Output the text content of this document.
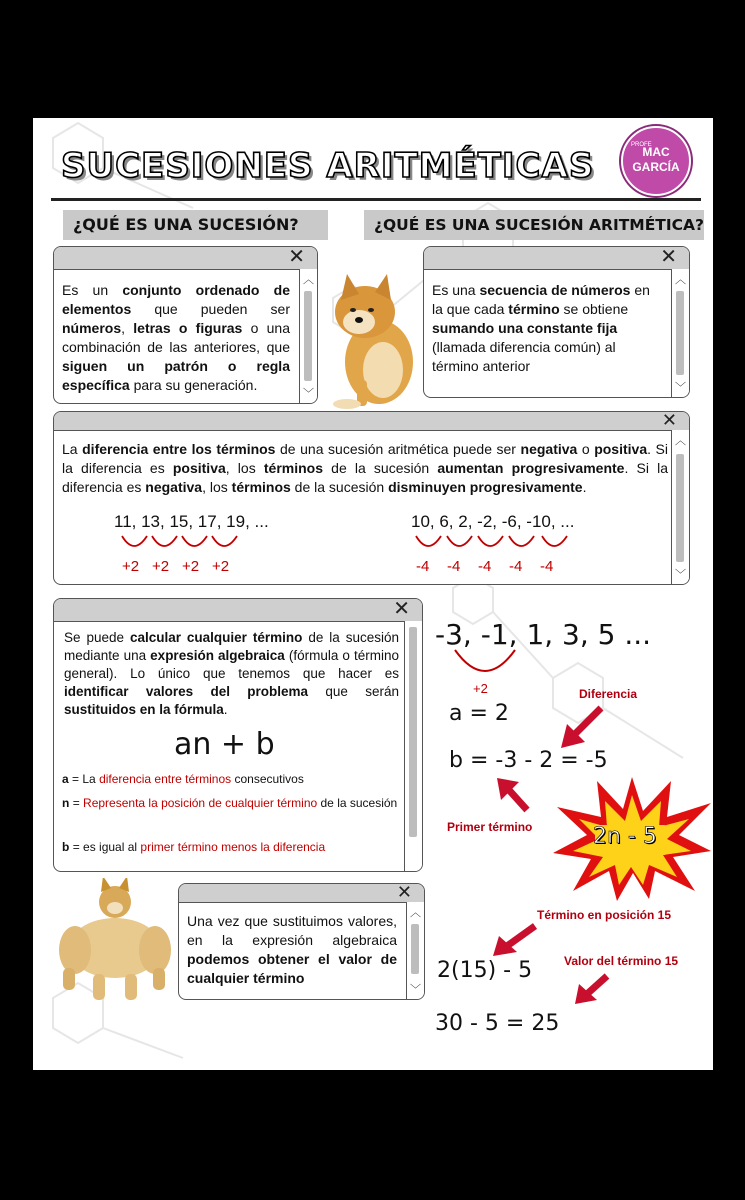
SUCESIONES ARITMÉTICAS
PROFE
MAC
GARCÍA
¿QUÉ ES UNA SUCESIÓN?	¿QUÉ ES UNA SUCESIÓN ARITMÉTICA?
✕
︿
﹀
Es un conjunto ordenado de elementos que pueden ser números, letras o figuras o una combinación de las anteriores, que siguen un patrón o regla específica para su generación.
✕
︿
﹀
Es una secuencia de números en la que cada término se obtiene sumando una constante fija (llamada diferencia común) al término anterior
✕
︿
﹀
La diferencia entre los términos de una sucesión aritmética puede ser negativa o positiva. Si la diferencia es positiva, los términos de la sucesión aumentan progresivamente. Si la diferencia es negativa, los términos de la sucesión disminuyen progresivamente.
11, 13, 15, 17, 19, ...
+2 +2 +2 +2
10, 6, 2, -2, -6, -10, ...
-4 -4 -4 -4 -4
✕
Se puede calcular cualquier término de la sucesión mediante una expresión algebraica (fórmula o término general). Lo único que tenemos que hacer es identificar valores del problema que serán sustituidos en la fórmula.
an + b
a = La diferencia entre términos consecutivos
n = Representa la posición de cualquier término de la sucesión
b = es igual al primer término menos la diferencia
✕
︿
﹀
Una vez que sustituimos valores, en la expresión algebraica podemos obtener el valor de cualquier término
-3, -1, 1, 3, 5 ...
+2	Diferencia
a = 2
b = -3 - 2 = -5
Primer término	2n - 5
Término en posición 15
2(15) - 5	Valor del término 15
30 - 5 = 25
